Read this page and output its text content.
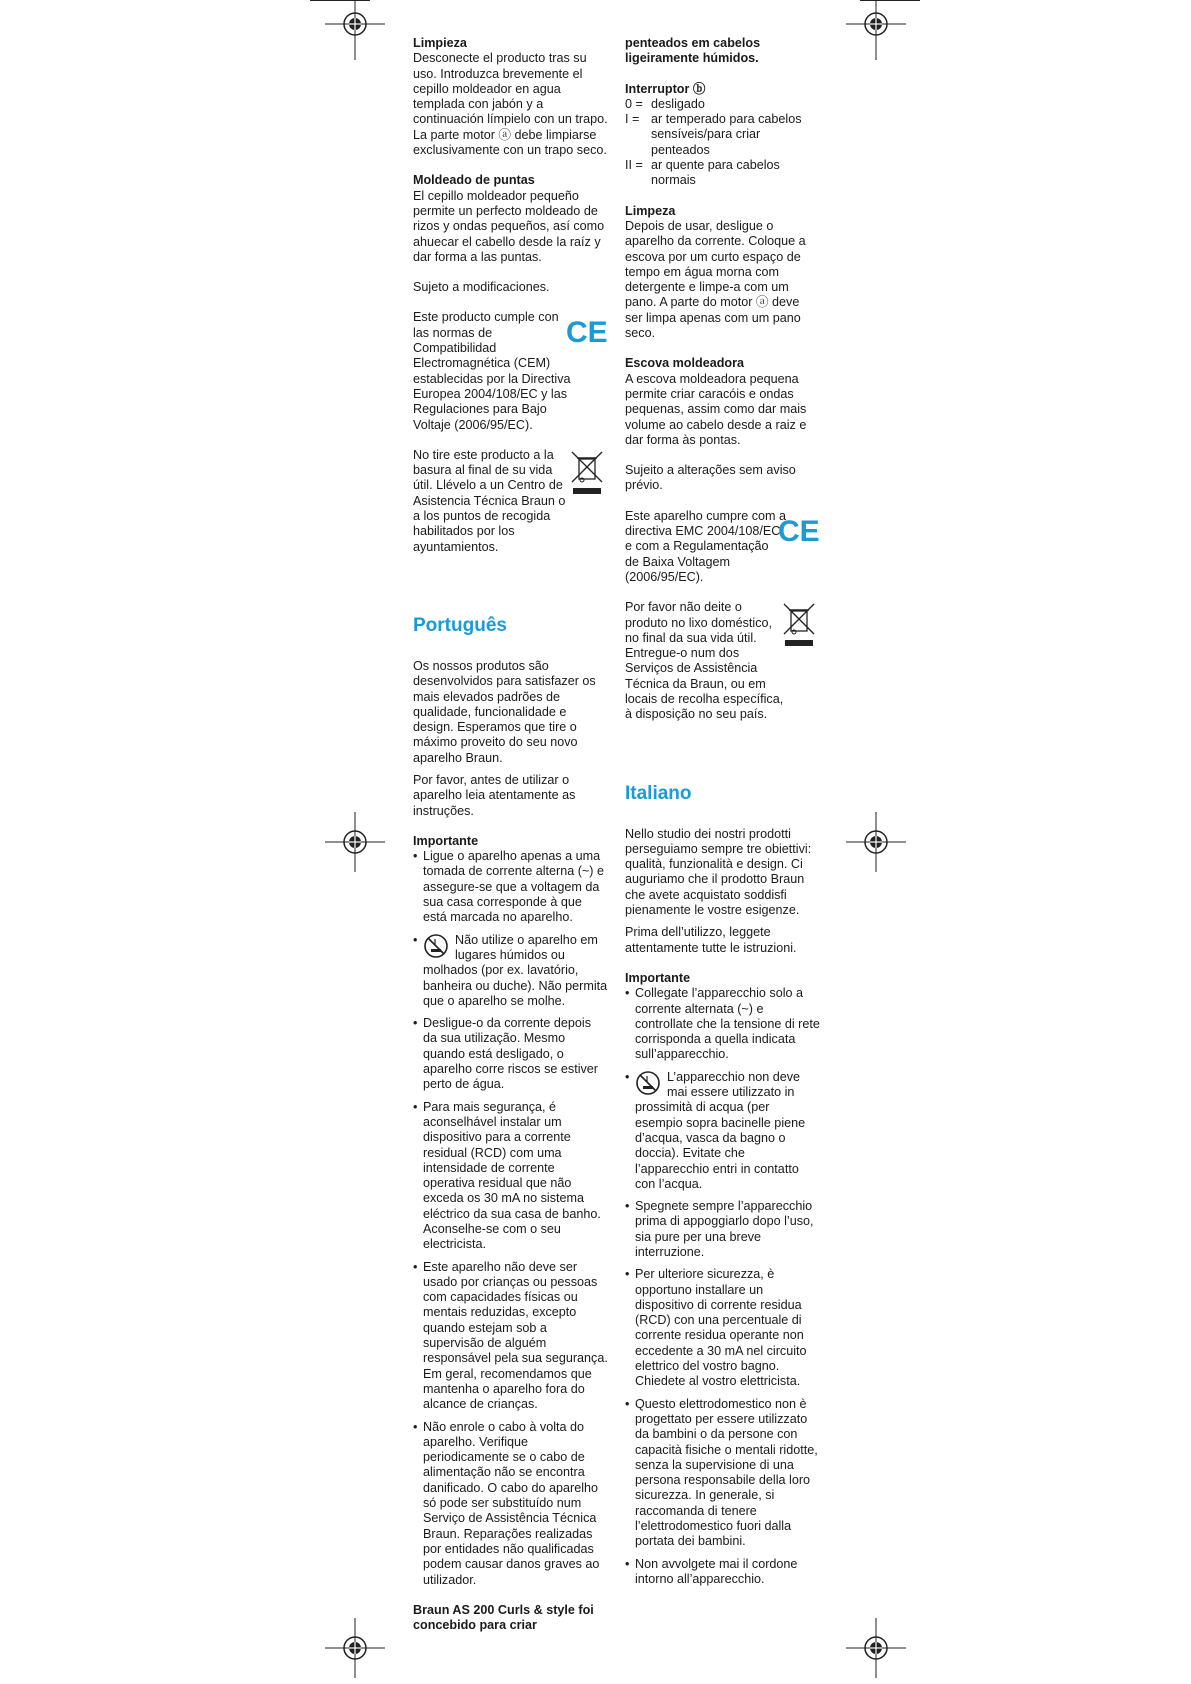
Limpieza
Desconecte el producto tras su uso. Introduzca brevemente el cepillo moldeador en agua templada con jabón y a continuación límpielo con un trapo. La parte motor ⓐ debe limpiarse exclusivamente con un trapo seco.
Moldeado de puntas
El cepillo moldeador pequeño permite un perfecto moldeado de rizos y ondas pequeños, así como ahuecar el cabello desde la raíz y dar forma a las puntas.

Sujeto a modificaciones.

Este producto cumple con las normas de Compatibilidad Electromagnética (CEM) establecidas por la Directiva Europea 2004/108/EC y las Regulaciones para Bajo Voltaje (2006/95/EC).
CE
No tire este producto a la basura al final de su vida útil. Llévelo a un Centro de Asistencia Técnica Braun o a los puntos de recogida habilitados por los ayuntamientos.
Português

Os nossos produtos são desenvolvidos para satisfazer os mais elevados padrões de qualidade, funcionalidade e design. Esperamos que tire o máximo proveito do seu novo aparelho Braun.

Por favor, antes de utilizar o aparelho leia atentamente as instruções.

Importante
• Ligue o aparelho apenas a uma tomada de corrente alterna (~) e assegure-se que a voltagem da sua casa corresponde à que está marcada no aparelho.
• Não utilize o aparelho em lugares húmidos ou molhados (por ex. lavatório, banheira ou duche). Não permita que o aparelho se molhe.
• Desligue-o da corrente depois da sua utilização. Mesmo quando está desligado, o aparelho corre riscos se estiver perto de água.
• Para mais segurança, é aconselhável instalar um dispositivo para a corrente residual (RCD) com uma intensidade de corrente operativa residual que não exceda os 30 mA no sistema eléctrico da sua casa de banho. Aconselhe-se com o seu electricista.
• Este aparelho não deve ser usado por crianças ou pessoas com capacidades físicas ou mentais reduzidas, excepto quando estejam sob a supervisão de alguém responsável pela sua segurança. Em geral, recomendamos que mantenha o aparelho fora do alcance de crianças.
• Não enrole o cabo à volta do aparelho. Verifique periodicamente se o cabo de alimentação não se encontra danificado. O cabo do aparelho só pode ser substituído num Serviço de Assistência Técnica Braun. Reparações realizadas por entidades não qualificadas podem causar danos graves ao utilizador.
Braun AS 200 Curls & style foi concebido para criar

penteados em cabelos ligeiramente húmidos.

Interruptor ⓑ
0 = desligado
I = ar temperado para cabelos sensíveis/para criar penteados
II = ar quente para cabelos normais
Limpeza
Depois de usar, desligue o aparelho da corrente. Coloque a escova por um curto espaço de tempo em água morna com detergente e limpe-a com um pano. A parte do motor ⓐ deve ser limpa apenas com um pano seco.
Escova moldeadora
A escova moldeadora pequena permite criar caracóis e ondas pequenas, assim como dar mais volume ao cabelo desde a raiz e dar forma às pontas.

Sujeito a alterações sem aviso prévio.

Este aparelho cumpre com a directiva EMC 2004/108/EC e com a Regulamentação de Baixa Voltagem (2006/95/EC).
CE
Por favor não deite o produto no lixo doméstico, no final da sua vida útil. Entregue-o num dos Serviços de Assistência Técnica da Braun, ou em locais de recolha específica, à disposição no seu país.
Italiano

Nello studio dei nostri prodotti perseguiamo sempre tre obiettivi: qualità, funzionalità e design. Ci auguriamo che il prodotto Braun che avete acquistato soddisfi pienamente le vostre esigenze.

Prima dell’utilizzo, leggete attentamente tutte le istruzioni.

Importante
• Collegate l’apparecchio solo a corrente alternata (~) e controllate che la tensione di rete corrisponda a quella indicata sull’apparecchio.
• L’apparecchio non deve mai essere utilizzato in prossimità di acqua (per esempio sopra bacinelle piene d’acqua, vasca da bagno o doccia). Evitate che l’apparecchio entri in contatto con l’acqua.
• Spegnete sempre l’apparecchio prima di appoggiarlo dopo l’uso, sia pure per una breve interruzione.
• Per ulteriore sicurezza, è opportuno installare un dispositivo di corrente residua (RCD) con una percentuale di corrente residua operante non eccedente a 30 mA nel circuito elettrico del vostro bagno. Chiedete al vostro elettricista.
• Questo elettrodomestico non è progettato per essere utilizzato da bambini o da persone con capacità fisiche o mentali ridotte, senza la supervisione di una persona responsabile della loro sicurezza. In generale, si raccomanda di tenere l’elettrodomestico fuori dalla portata dei bambini.
• Non avvolgete mai il cordone intorno all’apparecchio.
